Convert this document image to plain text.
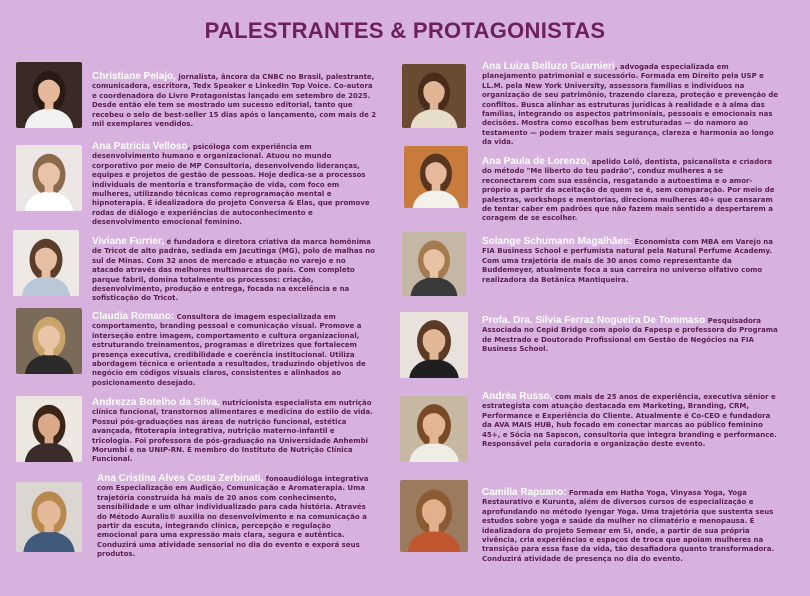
PALESTRANTES & PROTAGONISTAS
Christiane Pelajo, jornalista, âncora da CNBC no Brasil, palestrante, comunicadora, escritora, Tedx Speaker e LinkedIn Top Voice. Co-autora e coordenadora do Livro Protagonistas lançado em setembro de 2025. Desde então ele tem se mostrado um sucesso editorial, tanto que recebeu o selo de best-seller 15 dias após o lançamento, com mais de 2 mil exemplares vendidos.
Ana Patricia Velloso, psicóloga com experiência em desenvolvimento humano e organizacional. Atuou no mundo corporativo por meio de MP Consultoria, desenvolvendo lideranças, equipes e projetos de gestão de pessoas. Hoje dedica-se a processos individuais de mentoria e transformação de vida, com foco em mulheres, utilizando técnicas como reprogramação mental e hipnoterapia. É idealizadora do projeto Conversa & Elas, que promove rodas de diálogo e experiências de autoconhecimento e desenvolvimento emocional feminino.
Viviane Furrier, é fundadora e diretora criativa da marca homônima de Tricot de alto padrão, sediada em Jacutinga (MG), polo de malhas no sul de Minas. Com 32 anos de mercado e atuação no varejo e no atacado através das melhores multimarcas do país. Com completo parque fabril, domina totalmente os processos: criação, desenvolvimento, produção e entrega, focada na excelência e na sofisticação do Tricot.
Claudia Romano: Consultora de imagem especializada em comportamento, branding pessoal e comunicação visual. Promove a interseção entre imagem, comportamento e cultura organizacional, estruturando treinamentos, programas e diretrizes que fortalecem presença executiva, credibilidade e coerência institucional. Utiliza abordagem técnica e orientada a resultados, traduzindo objetivos de negócio em códigos visuais claros, consistentes e alinhados ao posicionamento desejado.
Andrezza Botelho da Silva, nutricionista especialista em nutrição clínica funcional, transtornos alimentares e medicina do estilo de vida. Possui pós-graduações nas áreas de nutrição funcional, estética avançada, fitoterapia integrativa, nutrição materno-infantil e tricologia. Foi professora de pós-graduação na Universidade Anhembi Morumbi e na UNIP-RN. É membro do Instituto de Nutrição Clínica Funcional.
Ana Cristina Alves Costa Zerbinati, fonoaudióloga integrativa com Especialização em Audição, Comunicação e Aromaterapia. Uma trajetória construída há mais de 20 anos com conhecimento, sensibilidade e um olhar individualizado para cada história. Através do Método Auralis® auxilia no desenvolvimento e na comunicação a partir da escuta, integrando clínica, percepção e regulação emocional para uma expressão mais clara, segura e autêntica. Conduzirá uma atividade sensorial no dia do evento e exporá seus produtos.
Ana Luiza Belluzo Guarnieri, advogada especializada em planejamento patrimonial e sucessório. Formada em Direito pela USP e LL.M. pela New York University, assessora famílias e indivíduos na organização de seu patrimônio, trazendo clareza, proteção e prevenção de conflitos. Busca alinhar as estruturas jurídicas à realidade e à alma das famílias, integrando os aspectos patrimoniais, pessoais e emocionais nas decisões. Mostra como escolhas bem estruturadas — do namoro ao testamento — podem trazer mais segurança, clareza e harmonia ao longo da vida.
Ana Paula de Lorenzo, apelido Lolô, dentista, psicanalista e criadora do método "Me liberto do teu padrão", conduz mulheres a se reconectarem com sua essência, resgatando a autoestima e o amor-próprio a partir da aceitação de quem se é, sem comparação. Por meio de palestras, workshops e mentorias, direciona mulheres 40+ que cansaram de tentar caber em padrões que não fazem mais sentido a despertarem a coragem de se escolher.
Solange Schumann Magalhães: Economista com MBA em Varejo na FIA Business School e perfumista natural pela Natural Perfume Academy. Com uma trajetória de mais de 30 anos como representante da Buddemeyer, atualmente foca a sua carreira no universo olfativo como realizadora da Botânica Mantiqueira.
Profa. Dra. Silvia Ferraz Nogueira De Tommaso Pesquisadora Associada no Cepid Bridge com apoio da Fapesp e professora do Programa de Mestrado e Doutorado Profissional em Gestão de Negócios na FIA Business School.
Andréa Russo, com mais de 25 anos de experiência, executiva sênior e estrategista com atuação destacada em Marketing, Branding, CRM, Performance e Experiência do Cliente. Atualmente é Co-CEO e fundadora da AVA MAIS HUB, hub focado em conectar marcas ao público feminino 45+, e Sócia na Sapscon, consultoria que integra branding e performance.
Responsável pela curadoria e organização deste evento.
Camilla Rapuano: Formada em Hatha Yoga, Vinyasa Yoga, Yoga Restaurativo e Kurunta, além de diversos cursos de especialização e aprofundando no método Iyengar Yoga. Uma trajetória que sustenta seus estudos sobre yoga e saúde da mulher no climatério e menopausa. É idealizadora do projeto Semear em Si, onde, a partir de sua própria vivência, cria experiências e espaços de troca que apoiam mulheres na transição para essa fase da vida, tão desafiadora quanto transformadora.
Conduzirá atividade de presença no dia do evento.
